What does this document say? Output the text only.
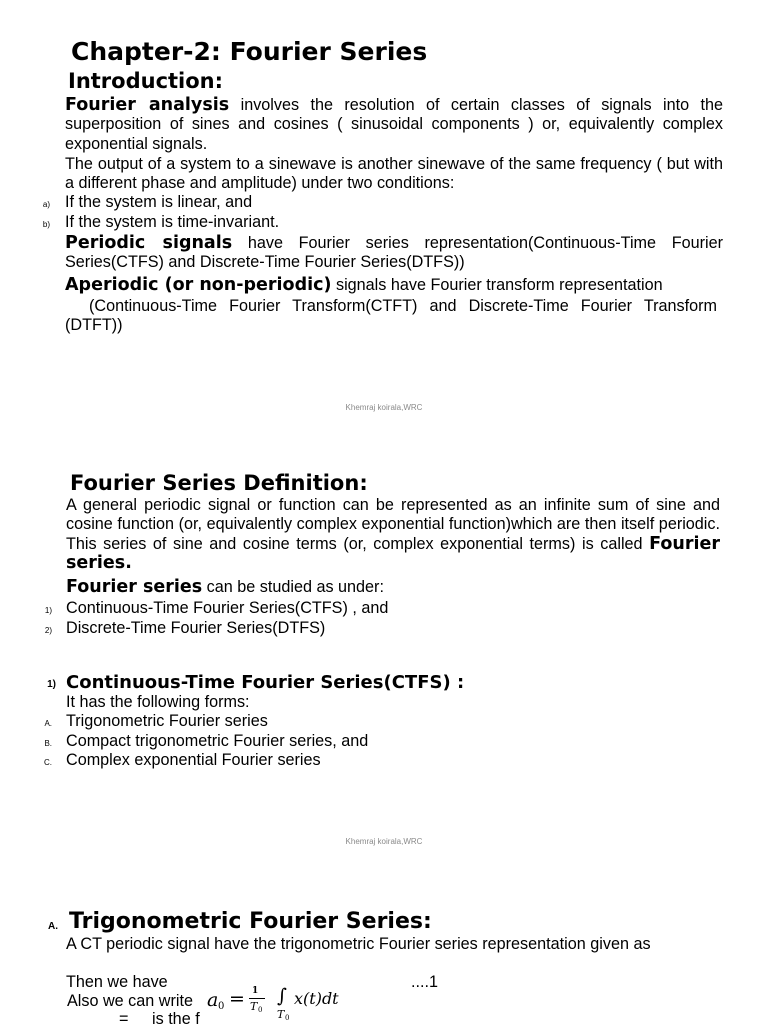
Chapter-2: Fourier Series
Introduction:
Fourier analysis involves the resolution of certain classes of signals into the superposition of sines and cosines ( sinusoidal components ) or, equivalently complex exponential signals.
The output of a system to a sinewave is another sinewave of the same frequency ( but with a different phase and amplitude) under two conditions:
a) If the system is linear, and
b) If the system is time-invariant.
Periodic signals have Fourier series representation(Continuous-Time Fourier Series(CTFS) and Discrete-Time Fourier Series(DTFS))
Aperiodic (or non-periodic) signals have Fourier transform representation
(Continuous-Time Fourier Transform(CTFT) and Discrete-Time Fourier Transform (DTFT))
Khemraj koirala,WRC
Fourier Series Definition:
A general periodic signal or function can be represented as an infinite sum of sine and cosine function (or, equivalently complex exponential function)which are then itself periodic. This series of sine and cosine terms (or, complex exponential terms) is called Fourier series.
Fourier series can be studied as under:
1) Continuous-Time Fourier Series(CTFS) , and
2) Discrete-Time Fourier Series(DTFS)
1) Continuous-Time Fourier Series(CTFS) :
It has the following forms:
A. Trigonometric Fourier series
B. Compact trigonometric Fourier series, and
C. Complex exponential Fourier series
Khemraj koirala,WRC
A. Trigonometric Fourier Series:
A CT periodic signal have the trigonometric Fourier series representation given as
Then we have	....1
Also we can write a 0 = 1
T 0
∫
T 0
x(t)dt
= is the f
